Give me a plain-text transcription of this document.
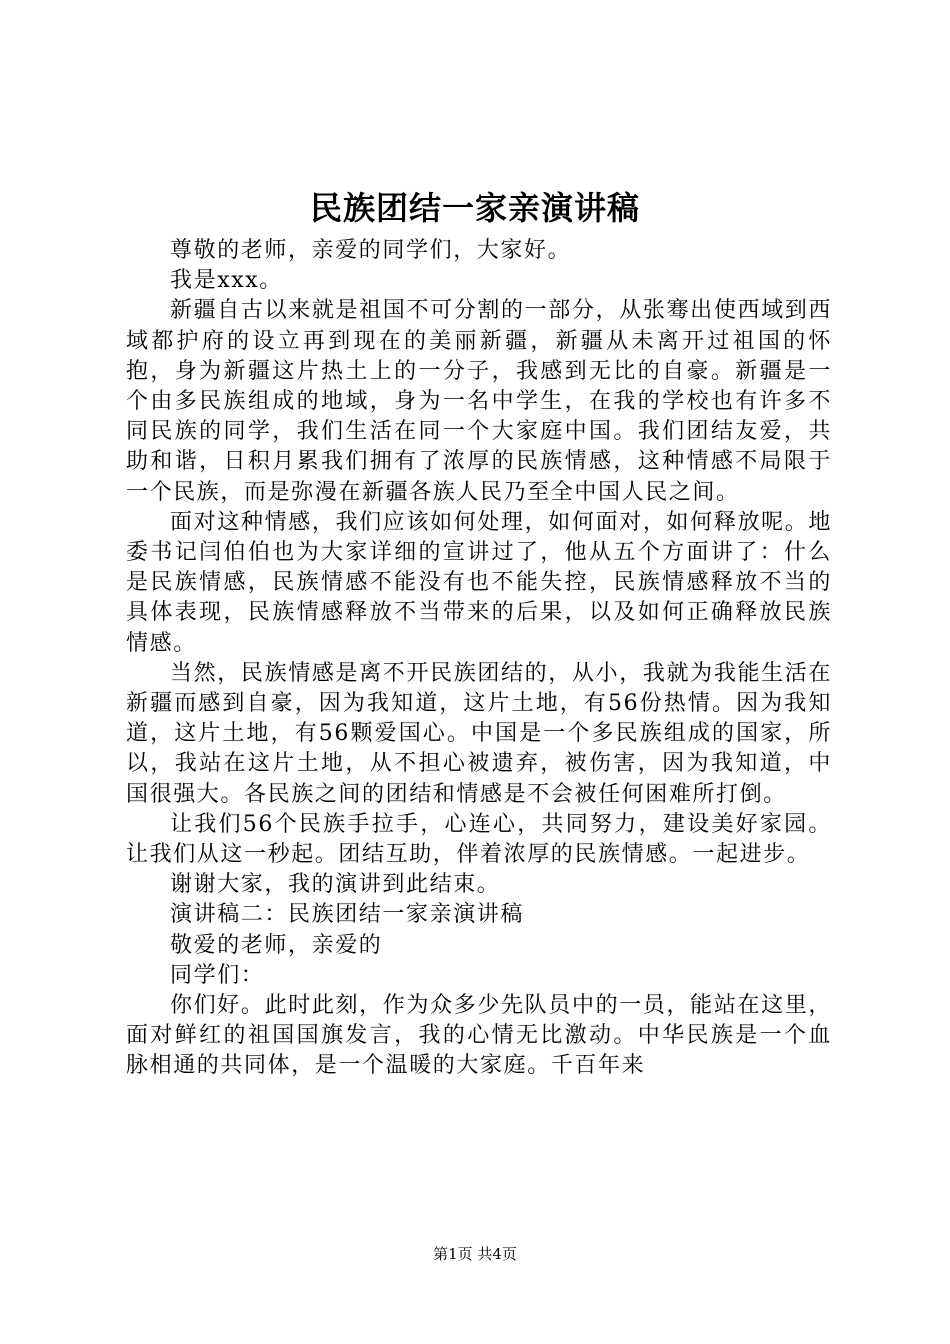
民族团结一家亲演讲稿

尊敬的老师，亲爱的同学们，大家好。

我是xxx。

新疆自古以来就是祖国不可分割的一部分，从张骞出使西域到西域都护府的设立再到现在的美丽新疆，新疆从未离开过祖国的怀抱，身为新疆这片热土上的一分子，我感到无比的自豪。新疆是一个由多民族组成的地域，身为一名中学生，在我的学校也有许多不同民族的同学，我们生活在同一个大家庭中国。我们团结友爱，共助和谐，日积月累我们拥有了浓厚的民族情感，这种情感不局限于一个民族，而是弥漫在新疆各族人民乃至全中国人民之间。

面对这种情感，我们应该如何处理，如何面对，如何释放呢。地委书记闫伯伯也为大家详细的宣讲过了，他从五个方面讲了：什么是民族情感，民族情感不能没有也不能失控，民族情感释放不当的具体表现，民族情感释放不当带来的后果，以及如何正确释放民族情感。

当然，民族情感是离不开民族团结的，从小，我就为我能生活在新疆而感到自豪，因为我知道，这片土地，有56份热情。因为我知道，这片土地，有56颗爱国心。中国是一个多民族组成的国家，所以，我站在这片土地，从不担心被遗弃，被伤害，因为我知道，中国很强大。各民族之间的团结和情感是不会被任何困难所打倒。

让我们56个民族手拉手，心连心，共同努力，建设美好家园。让我们从这一秒起。团结互助，伴着浓厚的民族情感。一起进步。

谢谢大家，我的演讲到此结束。

演讲稿二：民族团结一家亲演讲稿

敬爱的老师，亲爱的

同学们：

你们好。此时此刻，作为众多少先队员中的一员，能站在这里，面对鲜红的祖国国旗发言，我的心情无比激动。中华民族是一个血脉相通的共同体，是一个温暖的大家庭。千百年来

第1页 共4页
